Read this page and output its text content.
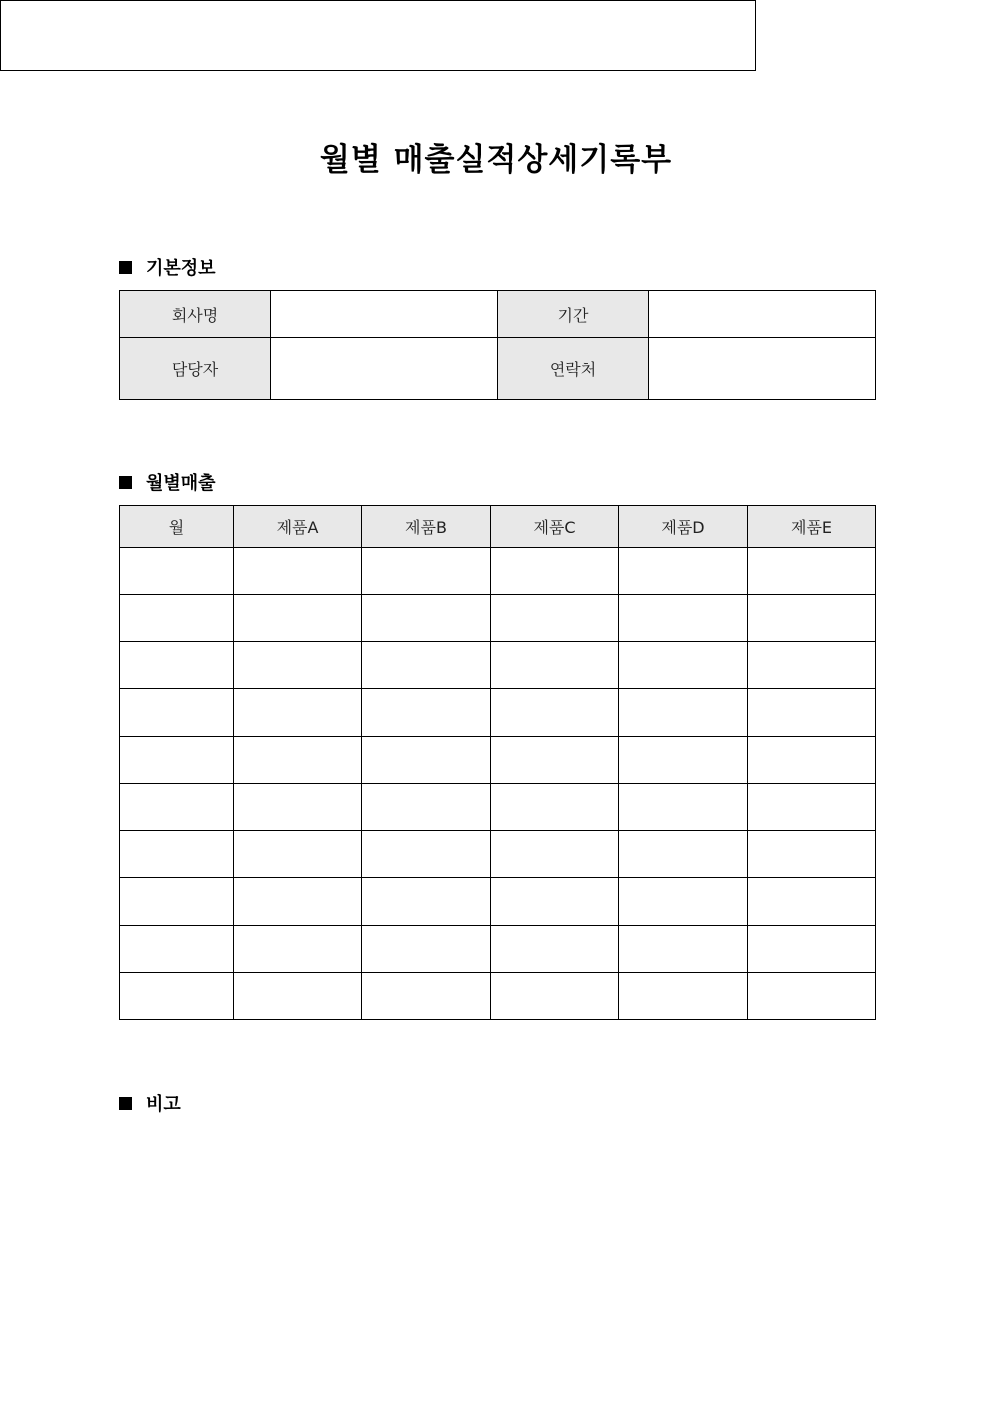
월별 매출실적상세기록부
기본정보
회사명		기간	
담당자		연락처	
월별매출
월	제품A	제품B	제품C	제품D	제품E

비고
